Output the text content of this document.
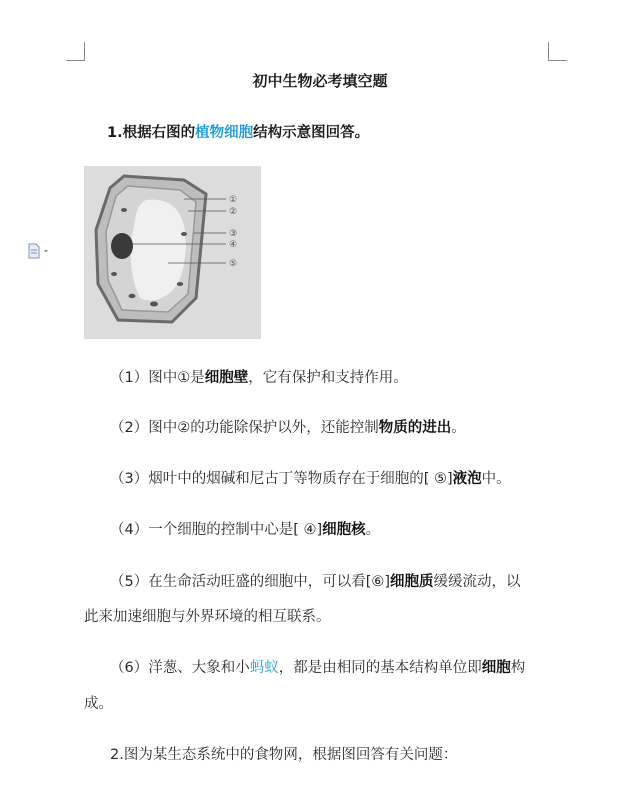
初中生物必考填空题
1.根据右图的植物细胞结构示意图回答。
①
②
③
④
⑤
（1）图中①是细胞壁，它有保护和支持作用。
（2）图中②的功能除保护以外，还能控制物质的进出。
（3）烟叶中的烟碱和尼古丁等物质存在于细胞的[ ⑤]液泡中。
（4）一个细胞的控制中心是[ ④]细胞核。
（5）在生命活动旺盛的细胞中，可以看[⑥]细胞质缓缓流动，以
此来加速细胞与外界环境的相互联系。
（6）洋葱、大象和小蚂蚁，都是由相同的基本结构单位即细胞构
成。
2.图为某生态系统中的食物网，根据图回答有关问题：
